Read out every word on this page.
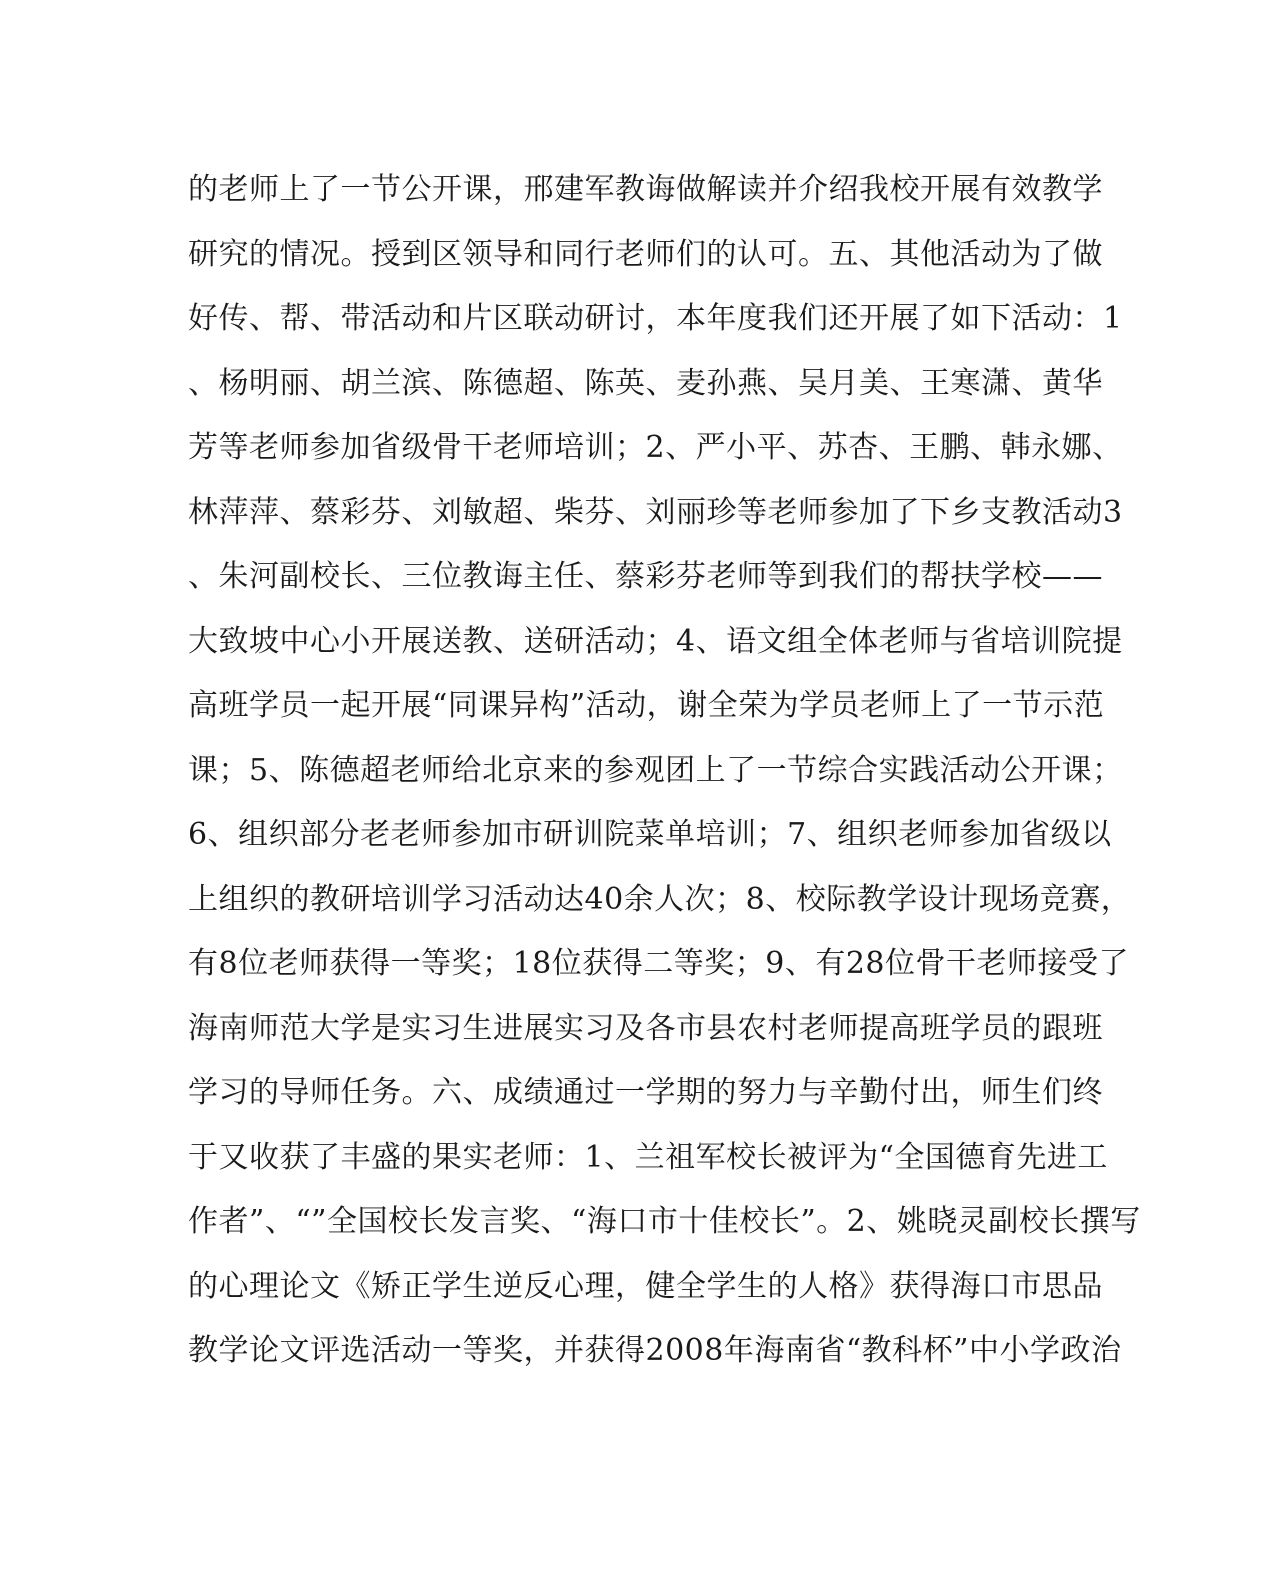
的老师上了一节公开课，邢建军教诲做解读并介绍我校开展有效教学
研究的情况。授到区领导和同行老师们的认可。五、其他活动为了做
好传、帮、带活动和片区联动研讨，本年度我们还开展了如下活动：1
、杨明丽、胡兰滨、陈德超、陈英、麦孙燕、吴月美、王寒潇、黄华
芳等老师参加省级骨干老师培训；2、严小平、苏杏、王鹏、韩永娜、
林萍萍、蔡彩芬、刘敏超、柴芬、刘丽珍等老师参加了下乡支教活动3
、朱河副校长、三位教诲主任、蔡彩芬老师等到我们的帮扶学校——
大致坡中心小开展送教、送研活动；4、语文组全体老师与省培训院提
高班学员一起开展“同课异构”活动，谢全荣为学员老师上了一节示范
课；5、陈德超老师给北京来的参观团上了一节综合实践活动公开课；
6、组织部分老老师参加市研训院菜单培训；7、组织老师参加省级以
上组织的教研培训学习活动达40余人次；8、校际教学设计现场竞赛，
有8位老师获得一等奖；18位获得二等奖；9、有28位骨干老师接受了
海南师范大学是实习生进展实习及各市县农村老师提高班学员的跟班
学习的导师任务。六、成绩通过一学期的努力与辛勤付出，师生们终
于又收获了丰盛的果实老师：1、兰祖军校长被评为“全国德育先进工
作者”、“”全国校长发言奖、“海口市十佳校长”。2、姚晓灵副校长撰写
的心理论文《矫正学生逆反心理，健全学生的人格》获得海口市思品
教学论文评选活动一等奖，并获得2008年海南省“教科杯”中小学政治
